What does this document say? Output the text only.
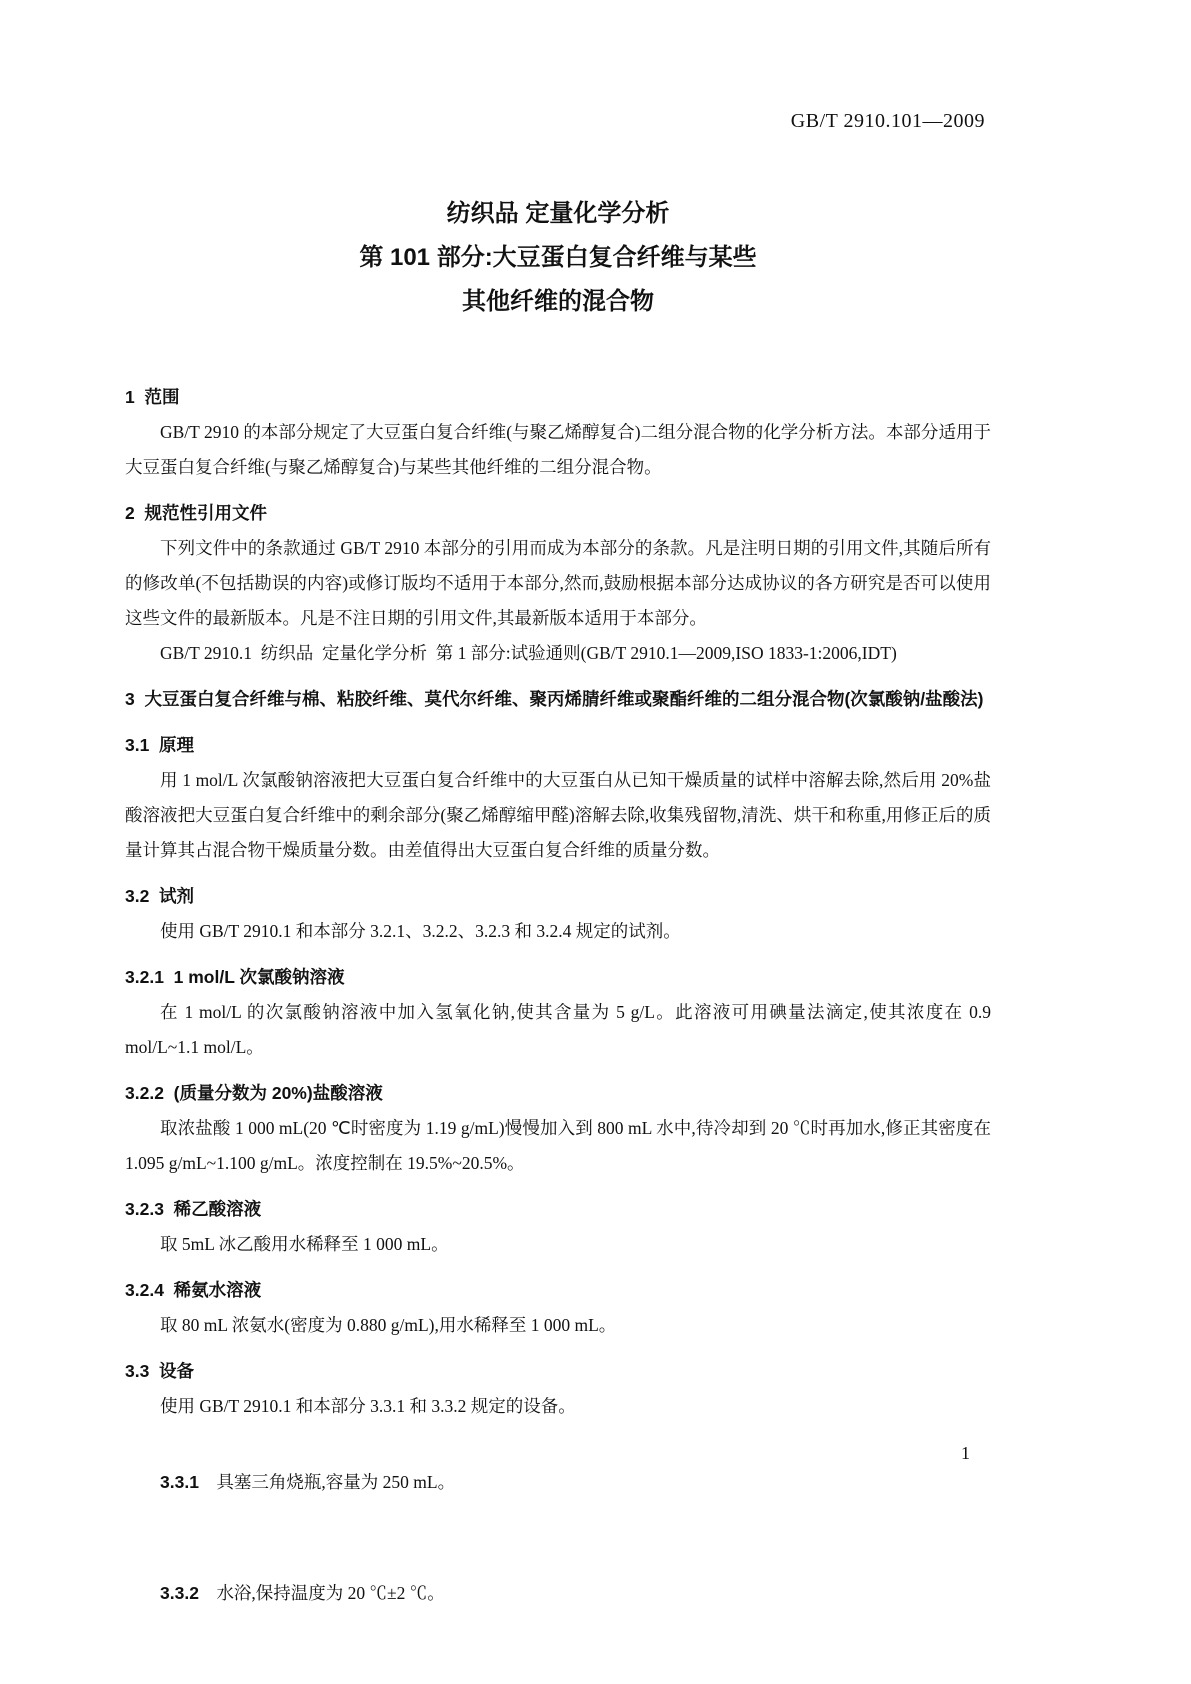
GB/T 2910.101—2009
纺织品 定量化学分析
第 101 部分:大豆蛋白复合纤维与某些
其他纤维的混合物
1  范围

GB/T 2910 的本部分规定了大豆蛋白复合纤维(与聚乙烯醇复合)二组分混合物的化学分析方法。本部分适用于大豆蛋白复合纤维(与聚乙烯醇复合)与某些其他纤维的二组分混合物。

2  规范性引用文件

下列文件中的条款通过 GB/T 2910 本部分的引用而成为本部分的条款。凡是注明日期的引用文件,其随后所有的修改单(不包括勘误的内容)或修订版均不适用于本部分,然而,鼓励根据本部分达成协议的各方研究是否可以使用这些文件的最新版本。凡是不注日期的引用文件,其最新版本适用于本部分。

GB/T 2910.1  纺织品  定量化学分析  第 1 部分:试验通则(GB/T 2910.1—2009,ISO 1833-1:2006,IDT)

3  大豆蛋白复合纤维与棉、粘胶纤维、莫代尔纤维、聚丙烯腈纤维或聚酯纤维的二组分混合物(次氯酸钠/盐酸法)
3.1  原理

用 1 mol/L 次氯酸钠溶液把大豆蛋白复合纤维中的大豆蛋白从已知干燥质量的试样中溶解去除,然后用 20%盐酸溶液把大豆蛋白复合纤维中的剩余部分(聚乙烯醇缩甲醛)溶解去除,收集残留物,清洗、烘干和称重,用修正后的质量计算其占混合物干燥质量分数。由差值得出大豆蛋白复合纤维的质量分数。

3.2  试剂

使用 GB/T 2910.1 和本部分 3.2.1、3.2.2、3.2.3 和 3.2.4 规定的试剂。

3.2.1  1 mol/L 次氯酸钠溶液

在 1 mol/L 的次氯酸钠溶液中加入氢氧化钠,使其含量为 5 g/L。此溶液可用碘量法滴定,使其浓度在 0.9 mol/L~1.1 mol/L。

3.2.2  (质量分数为 20%)盐酸溶液

取浓盐酸 1 000 mL(20 ℃时密度为 1.19 g/mL)慢慢加入到 800 mL 水中,待冷却到 20 ℃时再加水,修正其密度在 1.095 g/mL~1.100 g/mL。浓度控制在 19.5%~20.5%。

3.2.3  稀乙酸溶液

取 5mL 冰乙酸用水稀释至 1 000 mL。

3.2.4  稀氨水溶液

取 80 mL 浓氨水(密度为 0.880 g/mL),用水稀释至 1 000 mL。

3.3  设备

使用 GB/T 2910.1 和本部分 3.3.1 和 3.3.2 规定的设备。

3.3.1 具塞三角烧瓶,容量为 250 mL。

3.3.2 水浴,保持温度为 20 ℃±2 ℃。

1
